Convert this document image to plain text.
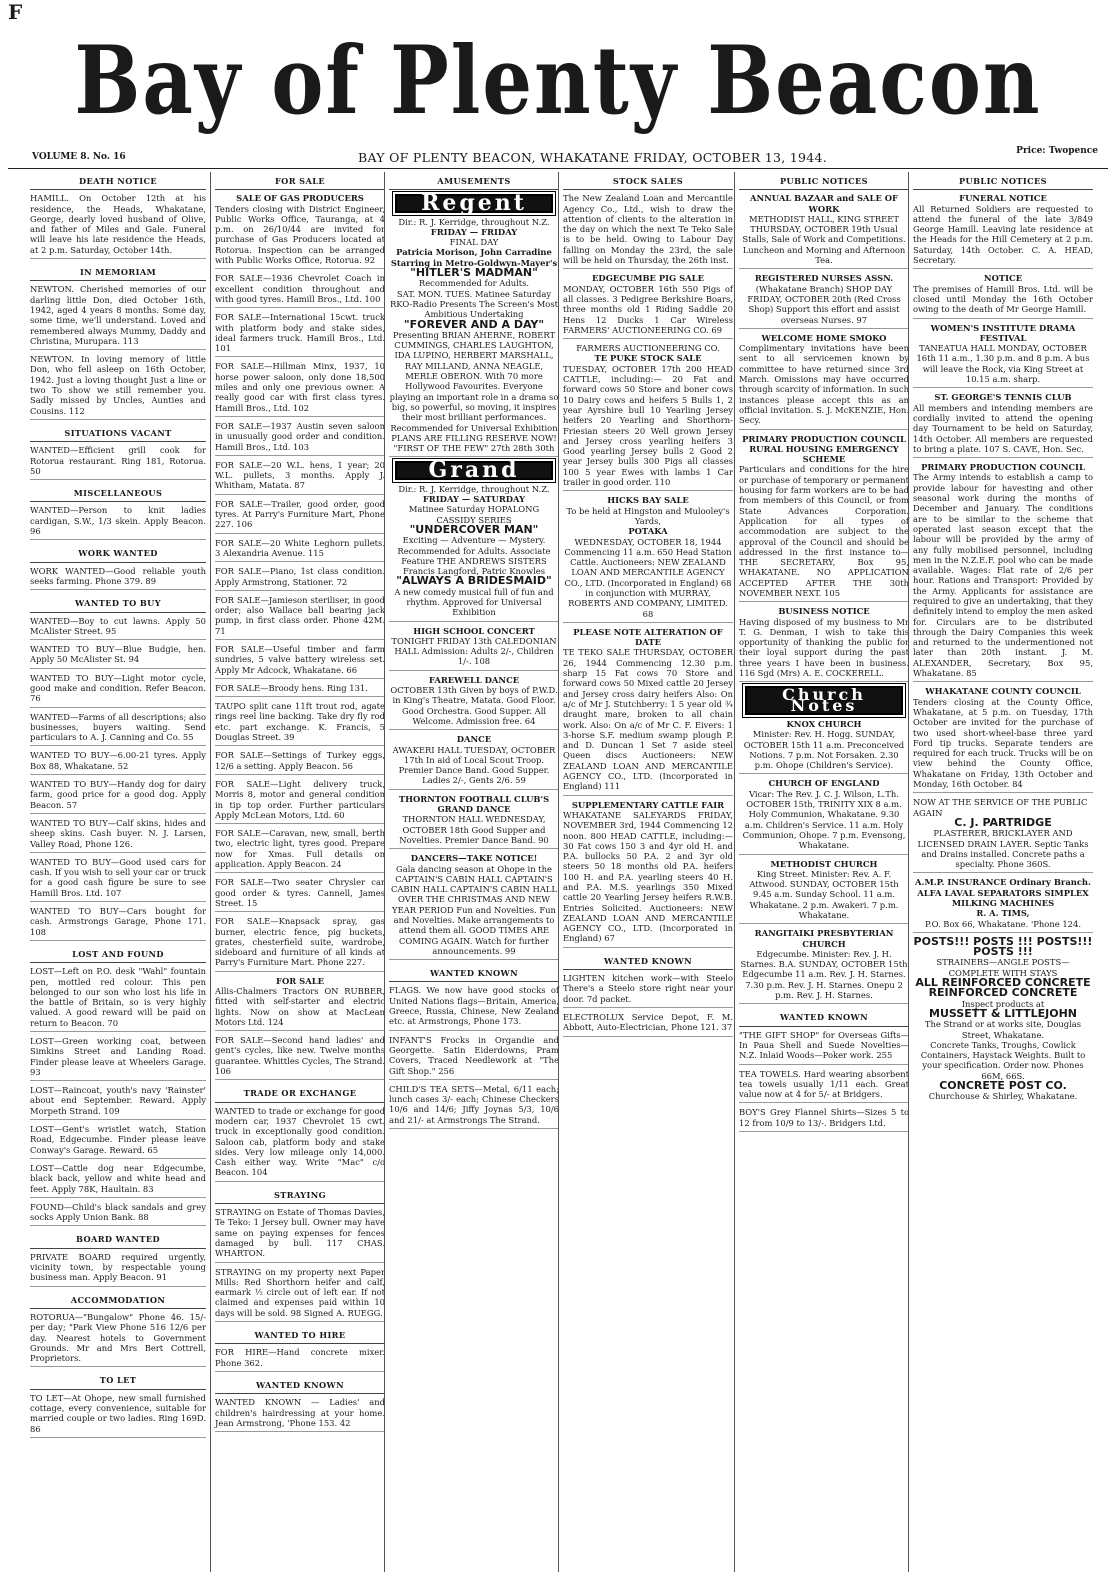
F
Bay of Plenty Beacon
VOLUME 8. No. 16	BAY OF PLENTY BEACON, WHAKATANE FRIDAY, OCTOBER 13, 1944.	Price: Twopence
DEATH NOTICE
HAMILL. On October 12th at his residence, the Heads, Whakatane, George, dearly loved husband of Olive, and father of Miles and Gale. Funeral will leave his late residence the Heads, at 2 p.m. Saturday, October 14th.
IN MEMORIAM
NEWTON. Cherished memories of our darling little Don, died October 16th, 1942, aged 4 years 8 months. Some day, some time, we'll understand. Loved and remembered always Mummy, Daddy and Christina, Murupara. 113
NEWTON. In loving memory of little Don, who fell asleep on 16th October, 1942. Just a loving thought Just a line or two To show we still remember you. Sadly missed by Uncles, Aunties and Cousins. 112
SITUATIONS VACANT
WANTED—Efficient grill cook for Rotorua restaurant. Ring 181, Rotorua. 50
MISCELLANEOUS
WANTED—Person to knit ladies cardigan, S.W., 1/3 skein. Apply Beacon. 96
WORK WANTED
WORK WANTED—Good reliable youth seeks farming. Phone 379. 89
WANTED TO BUY
WANTED—Boy to cut lawns. Apply 50 McAlister Street. 95
WANTED TO BUY—Blue Budgie, hen. Apply 50 McAlister St. 94
WANTED TO BUY—Light motor cycle, good make and condition. Refer Beacon. 76
WANTED—Farms of all descriptions; also businesses, buyers waiting. Send particulars to A. J. Canning and Co. 55
WANTED TO BUY—6.00-21 tyres. Apply Box 88, Whakatane. 52
WANTED TO BUY—Handy dog for dairy farm, good price for a good dog. Apply Beacon. 57
WANTED TO BUY—Calf skins, hides and sheep skins. Cash buyer. N. J. Larsen, Valley Road, Phone 126.
WANTED TO BUY—Good used cars for cash. If you wish to sell your car or truck for a good cash figure be sure to see Hamill Bros. Ltd. 107
WANTED TO BUY—Cars bought for cash. Armstrongs Garage, Phone 171. 108
LOST AND FOUND
LOST—Left on P.O. desk "Wahl" fountain pen, mottled red colour. This pen belonged to our son who lost his life in the battle of Britain, so is very highly valued. A good reward will be paid on return to Beacon. 70
LOST—Green working coat, between Simkins Street and Landing Road. Finder please leave at Wheelers Garage. 93
LOST—Raincoat, youth's navy 'Rainster' about end September. Reward. Apply Morpeth Strand. 109
LOST—Gent's wristlet watch, Station Road, Edgecumbe. Finder please leave Conway's Garage. Reward. 65
LOST—Cattle dog near Edgecumbe, black back, yellow and white head and feet. Apply 78K, Haultain. 83
FOUND—Child's black sandals and grey socks Apply Union Bank. 88
BOARD WANTED
PRIVATE BOARD required urgently, vicinity town, by respectable young business man. Apply Beacon. 91
ACCOMMODATION
ROTORUA—"Bungalow" Phone 46. 15/- per day; "Park View Phone 516 12/6 per day. Nearest hotels to Government Grounds. Mr and Mrs Bert Cottrell, Proprietors.
TO LET
TO LET—At Ohope, new small furnished cottage, every convenience, suitable for married couple or two ladies. Ring 169D. 86
FOR SALE
SALE OF GAS PRODUCERS
Tenders closing with District Engineer, Public Works Office, Tauranga, at 4 p.m. on 26/10/44 are invited for purchase of Gas Producers located at Rotorua. Inspection can be arranged with Public Works Office, Rotorua. 92
FOR SALE—1936 Chevrolet Coach in excellent condition throughout and with good tyres. Hamill Bros., Ltd. 100
FOR SALE—International 15cwt. truck with platform body and stake sides, ideal farmers truck. Hamill Bros., Ltd. 101
FOR SALE—Hillman Minx, 1937, 10 horse power saloon, only done 18,500 miles and only one previous owner. A really good car with first class tyres. Hamill Bros., Ltd. 102
FOR SALE—1937 Austin seven saloon in unusually good order and condition. Hamill Bros., Ltd. 103
FOR SALE—20 W.L. hens, 1 year; 20 W.L. pullets, 3 months. Apply J. Whitham, Matata. 87
FOR SALE—Trailer, good order, good tyres. At Parry's Furniture Mart, Phone 227. 106
FOR SALE—20 White Leghorn pullets. 3 Alexandria Avenue. 115
FOR SALE—Piano, 1st class condition. Apply Armstrong, Stationer. 72
FOR SALE—Jamieson steriliser, in good order; also Wallace ball bearing jack pump, in first class order. Phone 42M. 71
FOR SALE—Useful timber and farm sundries, 5 valve battery wireless set. Apply Mr Adcock, Whakatane. 66
FOR SALE—Broody hens. Ring 131.
TAUPO split cane 11ft trout rod, agate rings reel line backing. Take dry fly rod etc. part exchange. K. Francis, 5 Douglas Street. 39
FOR SALE—Settings of Turkey eggs, 12/6 a setting. Apply Beacon. 56
FOR SALE—Light delivery truck, Morris 8, motor and general condition in tip top order. Further particulars Apply McLean Motors, Ltd. 60
FOR SALE—Caravan, new, small, berth two, electric light, tyres good. Prepare now for Xmas. Full details on application. Apply Beacon. 24
FOR SALE—Two seater Chrysler car good order & tyres. Cannell, James Street. 15
FOR SALE—Knapsack spray, gas burner, electric fence, pig buckets, grates, chesterfield suite, wardrobe, sideboard and furniture of all kinds at Parry's Furniture Mart. Phone 227.
FOR SALE
Allis-Chalmers Tractors ON RUBBER, fitted with self-starter and electric lights. Now on show at MacLean Motors Ltd. 124
FOR SALE—Second hand ladies' and gent's cycles, like new. Twelve months guarantee. Whittles Cycles, The Strand. 106
TRADE OR EXCHANGE
WANTED to trade or exchange for good modern car, 1937 Chevrolet 15 cwt. truck in exceptionally good condition. Saloon cab, platform body and stake sides. Very low mileage only 14,000. Cash either way. Write "Mac" c/o Beacon. 104
STRAYING
STRAYING on Estate of Thomas Davies, Te Teko: 1 Jersey bull. Owner may have same on paying expenses for fences damaged by bull. 117 CHAS. WHARTON.
STRAYING on my property next Paper Mills: Red Shorthorn heifer and calf, earmark ½ circle out of left ear. If not claimed and expenses paid within 10 days will be sold. 98 Signed A. RUEGG.
WANTED TO HIRE
FOR HIRE—Hand concrete mixer. Phone 362.
WANTED KNOWN
WANTED KNOWN — Ladies' and children's hairdressing at your home. Jean Armstrong, 'Phone 153. 42
AMUSEMENTS
Regent
Dir.: R. J. Kerridge, throughout N.Z.
FRIDAY — FRIDAY
FINAL DAY
Patricia Morison, John Carradine Starring in Metro-Goldwyn-Mayer's
"HITLER'S MADMAN"
Recommended for Adults.
SAT. MON. TUES. Matinee Saturday RKO-Radio Presents The Screen's Most Ambitious Undertaking
"FOREVER AND A DAY"
Presenting BRIAN AHERNE, ROBERT CUMMINGS, CHARLES LAUGHTON, IDA LUPINO, HERBERT MARSHALL, RAY MILLAND, ANNA NEAGLE, MERLE OBERON. With 70 more Hollywood Favourites. Everyone playing an important role in a drama so big, so powerful, so moving, it inspires their most brilliant performances.
Recommended for Universal Exhibition
PLANS ARE FILLING RESERVE NOW! "FIRST OF THE FEW" 27th 28th 30th
Grand
Dir.: R. J. Kerridge, throughout N.Z.
FRIDAY — SATURDAY
Matinee Saturday HOPALONG CASSIDY SERIES
"UNDERCOVER MAN"
Exciting — Adventure — Mystery. Recommended for Adults. Associate Feature THE ANDREWS SISTERS Francis Langford, Patric Knowles
"ALWAYS A BRIDESMAID"
A new comedy musical full of fun and rhythm. Approved for Universal Exhibition
HIGH SCHOOL CONCERT
TONIGHT FRIDAY 13th CALEDONIAN HALL Admission: Adults 2/-, Children 1/-. 108
FAREWELL DANCE
OCTOBER 13th Given by boys of P.W.D. in King's Theatre, Matata. Good Floor. Good Orchestra. Good Supper. All Welcome. Admission free. 64
DANCE
AWAKERI HALL TUESDAY, OCTOBER 17th In aid of Local Scout Troop. Premier Dance Band. Good Supper. Ladies 2/-, Gents 2/6. 59
THORNTON FOOTBALL CLUB'S GRAND DANCE
THORNTON HALL WEDNESDAY, OCTOBER 18th Good Supper and Novelties. Premier Dance Band. 90
DANCERS—TAKE NOTICE!
Gala dancing season at Ohope in the CAPTAIN'S CABIN HALL CAPTAIN'S CABIN HALL CAPTAIN'S CABIN HALL OVER THE CHRISTMAS AND NEW YEAR PERIOD Fun and Novelties. Fun and Novelties. Make arrangements to attend them all. GOOD TIMES ARE COMING AGAIN. Watch for further announcements. 99
WANTED KNOWN
FLAGS. We now have good stocks of United Nations flags—Britain, America, Greece, Russia, Chinese, New Zealand etc. at Armstrongs, Phone 173.
INFANT'S Frocks in Organdie and Georgette. Satin Eiderdowns, Pram Covers, Traced Needlework at "The Gift Shop." 256
CHILD'S TEA SETS—Metal, 6/11 each; lunch cases 3/- each; Chinese Checkers 10/6 and 14/6; Jiffy Joynas 5/3, 10/6 and 21/- at Armstrongs The Strand.
STOCK SALES
The New Zealand Loan and Mercantile Agency Co., Ltd., wish to draw the attention of clients to the alteration in the day on which the next Te Teko Sale is to be held. Owing to Labour Day falling on Monday the 23rd, the sale will be held on Thursday, the 26th inst.
EDGECUMBE PIG SALE
MONDAY, OCTOBER 16th 550 Pigs of all classes. 3 Pedigree Berkshire Boars, three months old 1 Riding Saddle 20 Hens 12 Ducks 1 Car Wireless FARMERS' AUCTIONEERING CO. 69
FARMERS AUCTIONEERING CO.
TE PUKE STOCK SALE
TUESDAY, OCTOBER 17th 200 HEAD CATTLE, including:— 20 Fat and forward cows 50 Store and boner cows 10 Dairy cows and heifers 5 Bulls 1, 2 year Ayrshire bull 10 Yearling Jersey heifers 20 Yearling and Shorthorn-Friesian steers 20 Well grown Jersey and Jersey cross yearling heifers 3 Good yearling Jersey bulls 2 Good 2 year Jersey bulls 300 Pigs all classes 100 5 year Ewes with lambs 1 Car trailer in good order. 110
HICKS BAY SALE
To be held at Hingston and Mulooley's Yards,
POTAKA
WEDNESDAY, OCTOBER 18, 1944 Commencing 11 a.m. 650 Head Station Cattle. Auctioneers: NEW ZEALAND LOAN AND MERCANTILE AGENCY CO., LTD. (Incorporated in England) 68 in conjunction with MURRAY, ROBERTS AND COMPANY, LIMITED. 68
PLEASE NOTE ALTERATION OF DATE
TE TEKO SALE THURSDAY, OCTOBER 26, 1944 Commencing 12.30 p.m. sharp 15 Fat cows 70 Store and forward cows 50 Mixed cattle 20 Jersey and Jersey cross dairy heifers Also: On a/c of Mr J. Stutchberry: 1 5 year old ¾ draught mare, broken to all chain work. Also: On a/c of Mr C. F. Eivers: 1 3-horse S.F. medium swamp plough P. and D. Duncan 1 Set 7 aside steel Queen discs Auctioneers: NEW ZEALAND LOAN AND MERCANTILE AGENCY CO., LTD. (Incorporated in England) 111
SUPPLEMENTARY CATTLE FAIR
WHAKATANE SALEYARDS FRIDAY, NOVEMBER 3rd, 1944 Commencing 12 noon. 800 HEAD CATTLE, including:— 30 Fat cows 150 3 and 4yr old H. and P.A. bullocks 50 P.A. 2 and 3yr old steers 50 18 months old P.A. heifers 100 H. and P.A. yearling steers 40 H. and P.A. M.S. yearlings 350 Mixed cattle 20 Yearling Jersey heifers R.W.B. Entries Solicited. Auctioneers: NEW ZEALAND LOAN AND MERCANTILE AGENCY CO., LTD. (Incorporated in England) 67
WANTED KNOWN
LIGHTEN kitchen work—with Steelo There's a Steelo store right near your door. 7d packet.
ELECTROLUX Service Depot, F. M. Abbott, Auto-Electrician, Phone 121. 37
PUBLIC NOTICES
ANNUAL BAZAAR and SALE OF WORK
METHODIST HALL, KING STREET THURSDAY, OCTOBER 19th Usual Stalls, Sale of Work and Competitions. Luncheon and Morning and Afternoon Tea.
REGISTERED NURSES ASSN.
(Whakatane Branch) SHOP DAY FRIDAY, OCTOBER 20th (Red Cross Shop) Support this effort and assist overseas Nurses. 97
WELCOME HOME SMOKO
Complimentary invitations have been sent to all servicemen known by committee to have returned since 3rd March. Omissions may have occurred through scarcity of information. In such instances please accept this as an official invitation. S. J. McKENZIE, Hon. Secy.
PRIMARY PRODUCTION COUNCIL RURAL HOUSING EMERGENCY SCHEME
Particulars and conditions for the hire or purchase of temporary or permanent housing for farm workers are to be had from members of this Council, or from State Advances Corporation. Application for all types of accommodation are subject to the approval of the Council and should be addressed in the first instance to— THE SECRETARY, Box 95, WHAKATANE. NO APPLICATION ACCEPTED AFTER THE 30th NOVEMBER NEXT. 105
BUSINESS NOTICE
Having disposed of my business to Mr T. G. Denman, I wish to take this opportunity of thanking the public for their loyal support during the past three years I have been in business. 116 Sgd (Mrs) A. E. COCKERELL.
Church Notes
KNOX CHURCH
Minister: Rev. H. Hogg. SUNDAY, OCTOBER 15th 11 a.m. Preconceived Notions. 7 p.m. Not Forsaken. 2.30 p.m. Ohope (Children's Service).
CHURCH OF ENGLAND
Vicar: The Rev. J. C. J. Wilson, L.Th. OCTOBER 15th, TRINITY XIX 8 a.m. Holy Communion, Whakatane. 9.30 a.m. Children's Service. 11 a.m. Holy Communion, Ohope. 7 p.m. Evensong, Whakatane.
METHODIST CHURCH
King Street. Minister: Rev. A. F. Attwood. SUNDAY, OCTOBER 15th 9.45 a.m. Sunday School. 11 a.m. Whakatane. 2 p.m. Awakeri. 7 p.m. Whakatane.
RANGITAIKI PRESBYTERIAN CHURCH
Edgecumbe. Minister: Rev. J. H. Starnes. B.A. SUNDAY, OCTOBER 15th Edgecumbe 11 a.m. Rev. J. H. Starnes. 7.30 p.m. Rev. J. H. Starnes. Onepu 2 p.m. Rev. J. H. Starnes.
WANTED KNOWN
"THE GIFT SHOP" for Overseas Gifts—In Paua Shell and Suede Novelties—N.Z. Inlaid Woods—Poker work. 255
TEA TOWELS. Hard wearing absorbent tea towels usually 1/11 each. Great value now at 4 for 5/- at Bridgers.
BOY'S Grey Flannel Shirts—Sizes 5 to 12 from 10/9 to 13/-. Bridgers Ltd.
PUBLIC NOTICES
FUNERAL NOTICE
All Returned Soldiers are requested to attend the funeral of the late 3/849 George Hamill. Leaving late residence at the Heads for the Hill Cemetery at 2 p.m. Saturday, 14th October. C. A. HEAD, Secretary.
NOTICE
The premises of Hamill Bros. Ltd. will be closed until Monday the 16th October owing to the death of Mr George Hamill.
WOMEN'S INSTITUTE DRAMA FESTIVAL
TANEATUA HALL MONDAY, OCTOBER 16th 11 a.m., 1.30 p.m. and 8 p.m. A bus will leave the Rock, via King Street at 10.15 a.m. sharp.
ST. GEORGE'S TENNIS CLUB
All members and intending members are cordially invited to attend the opening day Tournament to be held on Saturday, 14th October. All members are requested to bring a plate. 107 S. CAVE, Hon. Sec.
PRIMARY PRODUCTION COUNCIL
The Army intends to establish a camp to provide labour for havesting and other seasonal work during the months of December and January. The conditions are to be similar to the scheme that operated last season except that the labour will be provided by the army of any fully mobilised personnel, including men in the N.Z.E.F. pool who can be made available. Wages: Flat rate of 2/6 per hour. Rations and Transport: Provided by the Army. Applicants for assistance are required to give an undertaking, that they definitely intend to employ the men asked for. Circulars are to be distributed through the Dairy Companies this week and returned to the undermentioned not later than 20th instant. J. M. ALEXANDER, Secretary, Box 95, Whakatane. 85
WHAKATANE COUNTY COUNCIL
Tenders closing at the County Office, Whakatane, at 5 p.m. on Tuesday, 17th October are invited for the purchase of two used short-wheel-base three yard Ford tip trucks. Separate tenders are required for each truck. Trucks will be on view behind the County Office, Whakatane on Friday, 13th October and Monday, 16th October. 84
NOW AT THE SERVICE OF THE PUBLIC AGAIN
C. J. PARTRIDGE
PLASTERER, BRICKLAYER AND LICENSED DRAIN LAYER. Septic Tanks and Drains installed. Concrete paths a specialty. Phone 360S.
A.M.P. INSURANCE Ordinary Branch. ALFA LAVAL SEPARATORS SIMPLEX MILKING MACHINES
R. A. TIMS,
P.O. Box 66, Whakatane. 'Phone 124.
POSTS!!! POSTS !!! POSTS!!! POSTS !!!
STRAINERS—ANGLE POSTS— COMPLETE WITH STAYS
ALL REINFORCED CONCRETE REINFORCED CONCRETE
Inspect products at
MUSSETT & LITTLEJOHN
The Strand or at works site, Douglas Street, Whakatane.
Concrete Tanks, Troughs, Cowlick Containers, Haystack Weights. Built to your specification. Order now. Phones 66M, 66S.
CONCRETE POST CO.
Churchouse & Shirley, Whakatane.
